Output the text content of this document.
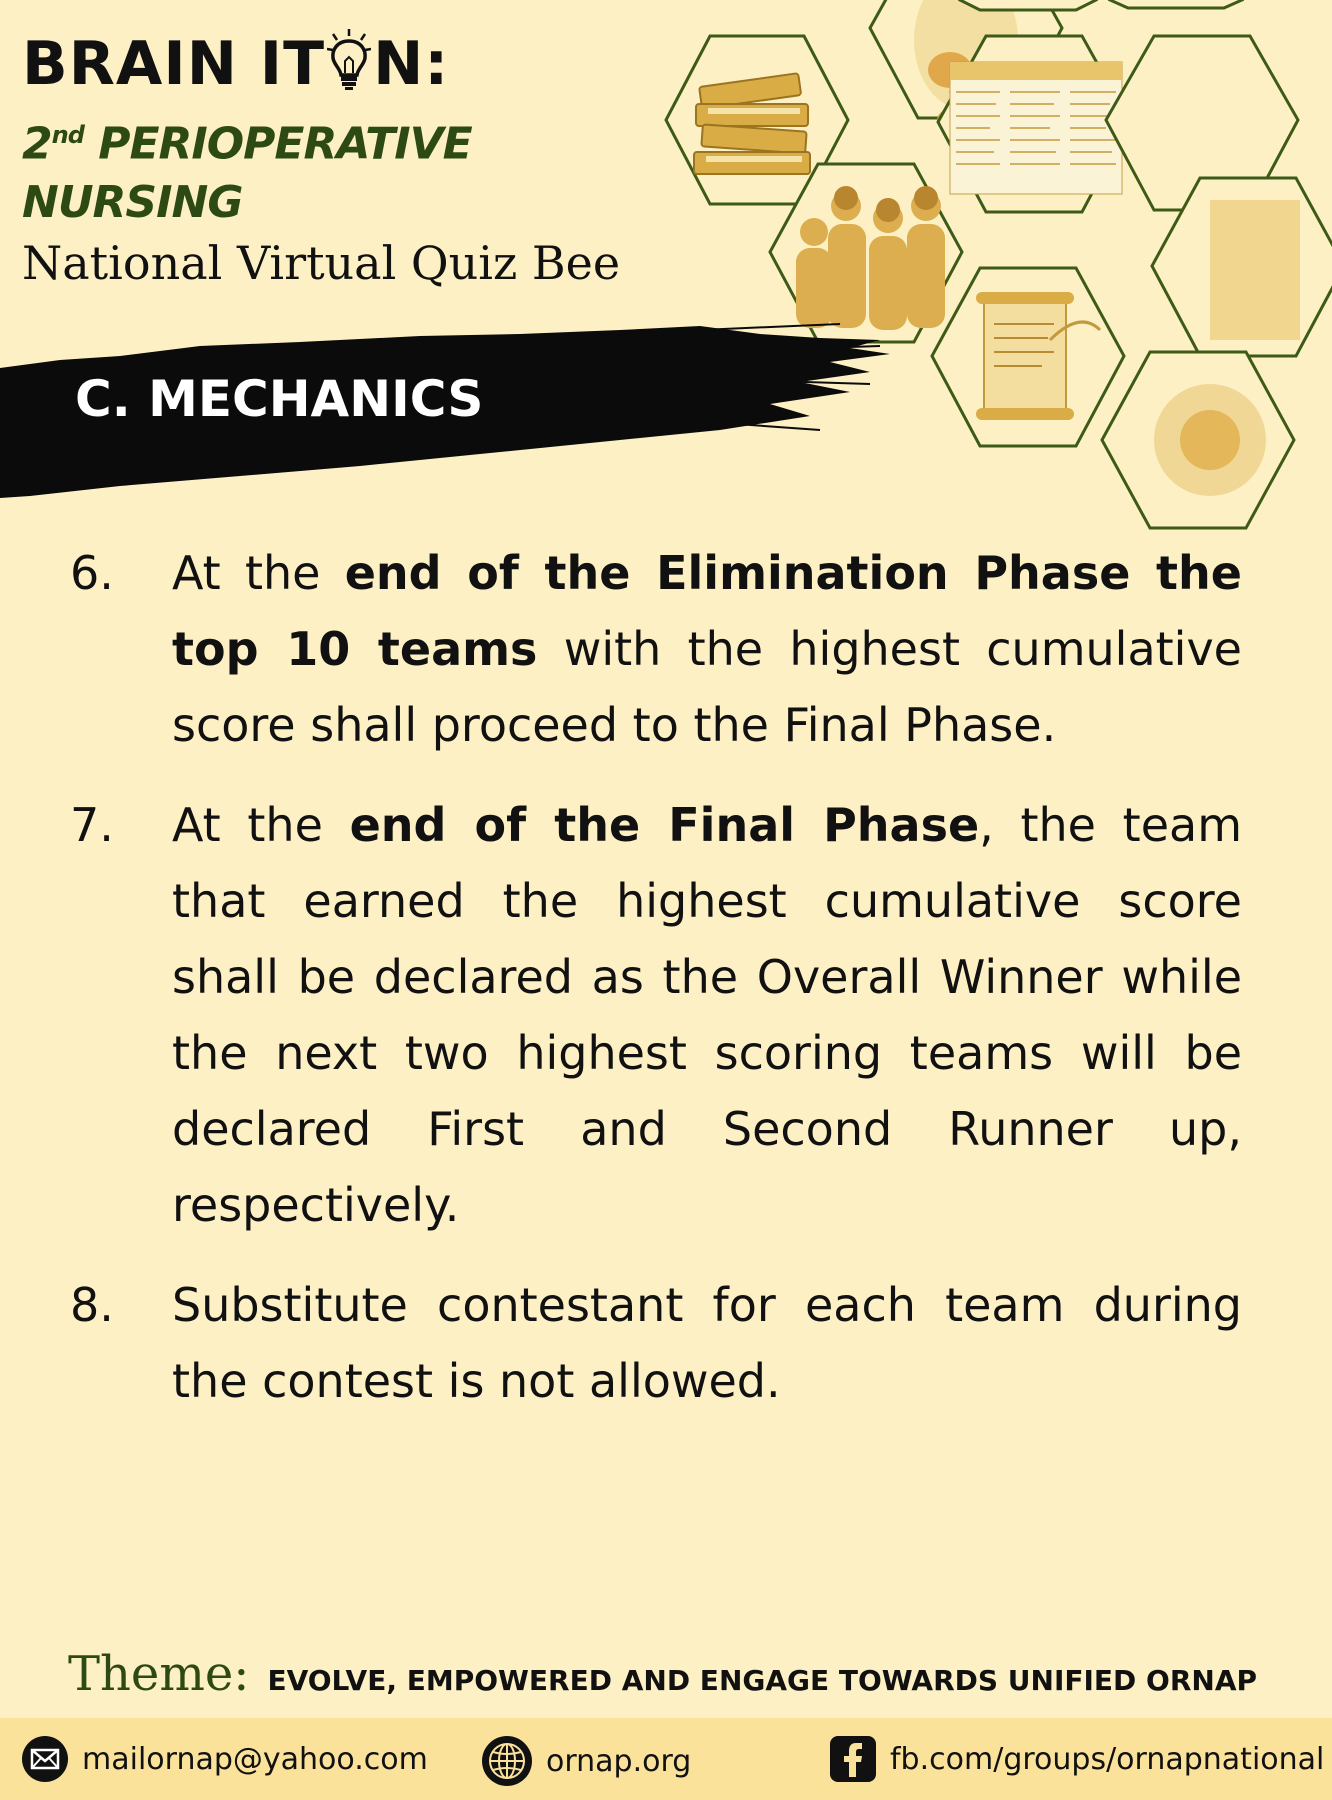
BRAIN IT N:
2nd PERIOPERATIVE NURSING
National Virtual Quiz Bee
C. MECHANICS
6.	At the end of the Elimination Phase the top 10 teams with the highest cumulative score shall proceed to the Final Phase.
7.	At the end of the Final Phase, the team that earned the highest cumulative score shall be declared as the Overall Winner while the next two highest scoring teams will be declared First and Second Runner up, respectively.
8.	Substitute contestant for each team during the contest is not allowed.
Theme: EVOLVE, EMPOWERED AND ENGAGE TOWARDS UNIFIED ORNAP
mailornap@yahoo.com	ornap.org	fb.com/groups/ornapnational
